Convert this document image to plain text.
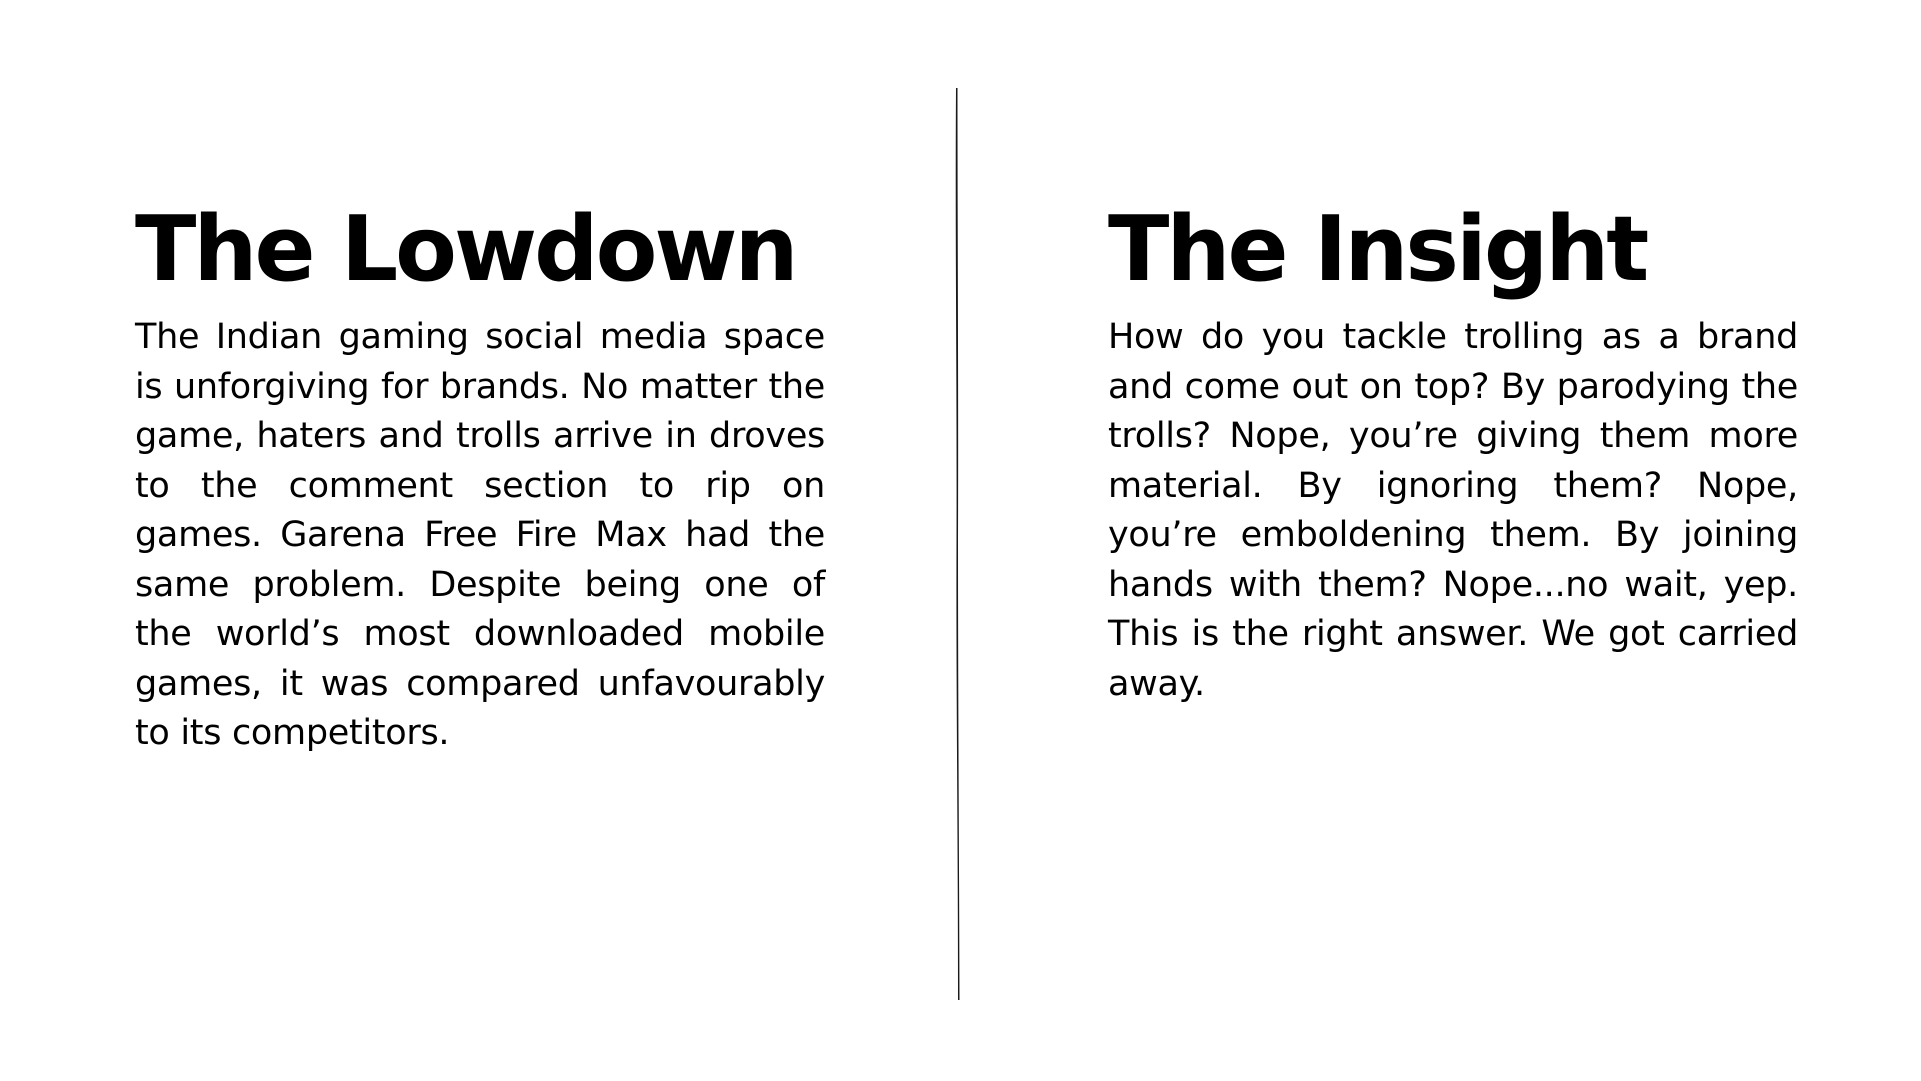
The Lowdown

The Indian gaming social media space is unforgiving for brands. No matter the game, haters and trolls arrive in droves to the comment section to rip on games. Garena Free Fire Max had the same problem. Despite being one of the world’s most downloaded mobile games, it was compared unfavourably to its competitors.

The Insight

How do you tackle trolling as a brand and come out on top? By parodying the trolls? Nope, you’re giving them more material. By ignoring them? Nope, you’re emboldening them. By joining hands with them? Nope...no wait, yep. This is the right answer. We got carried away.
